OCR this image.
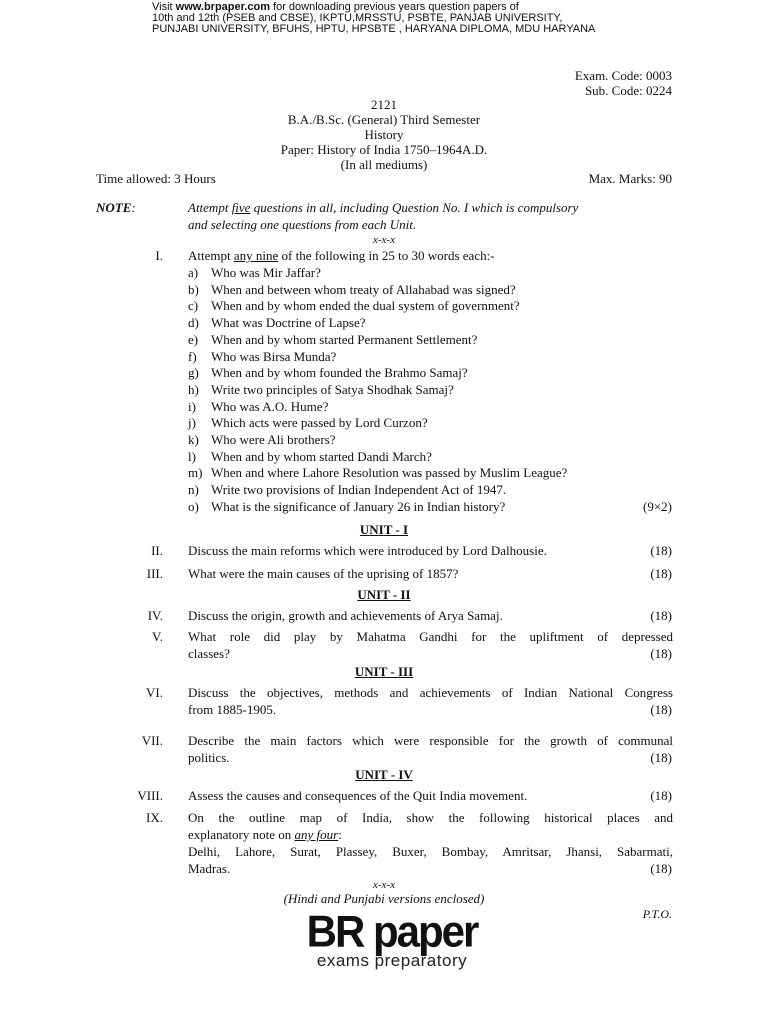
Visit www.brpaper.com for downloading previous years question papers of
10th and 12th (PSEB and CBSE), IKPTU,MRSSTU, PSBTE, PANJAB UNIVERSITY,
PUNJABI UNIVERSITY, BFUHS, HPTU, HPSBTE , HARYANA DIPLOMA, MDU HARYANA
Exam. Code: 0003
Sub. Code: 0224
2121
B.A./B.Sc. (General) Third Semester
History
Paper: History of India 1750–1964A.D.
(In all mediums)
Time allowed: 3 Hours	Max. Marks: 90
NOTE:	Attempt five questions in all, including Question No. I which is compulsory
and selecting one questions from each Unit.
x-x-x
I. Attempt any nine of the following in 25 to 30 words each:-
a) Who was Mir Jaffar?
b) When and between whom treaty of Allahabad was signed?
c) When and by whom ended the dual system of government?
d) What was Doctrine of Lapse?
e) When and by whom started Permanent Settlement?
f) Who was Birsa Munda?
g) When and by whom founded the Brahmo Samaj?
h) Write two principles of Satya Shodhak Samaj?
i) Who was A.O. Hume?
j) Which acts were passed by Lord Curzon?
k) Who were Ali brothers?
l) When and by whom started Dandi March?
m) When and where Lahore Resolution was passed by Muslim League?
n) Write two provisions of Indian Independent Act of 1947.
o) What is the significance of January 26 in Indian history?	(9×2)
UNIT - I
II. Discuss the main reforms which were introduced by Lord Dalhousie.	(18)
III. What were the main causes of the uprising of 1857?	(18)
UNIT - II
IV. Discuss the origin, growth and achievements of Arya Samaj.	(18)
V. What role did play by Mahatma Gandhi for the upliftment of depressed
classes?	(18)
UNIT - III
VI. Discuss the objectives, methods and achievements of Indian National Congress
from 1885-1905.	(18)
VII. Describe the main factors which were responsible for the growth of communal
politics.	(18)
UNIT - IV
VIII. Assess the causes and consequences of the Quit India movement.	(18)
IX. On the outline map of India, show the following historical places and
explanatory note on any four:
Delhi, Lahore, Surat, Plassey, Buxer, Bombay, Amritsar, Jhansi, Sabarmati,
Madras.	(18)
x-x-x
(Hindi and Punjabi versions enclosed)
P.T.O.
BR paper
exams preparatory
